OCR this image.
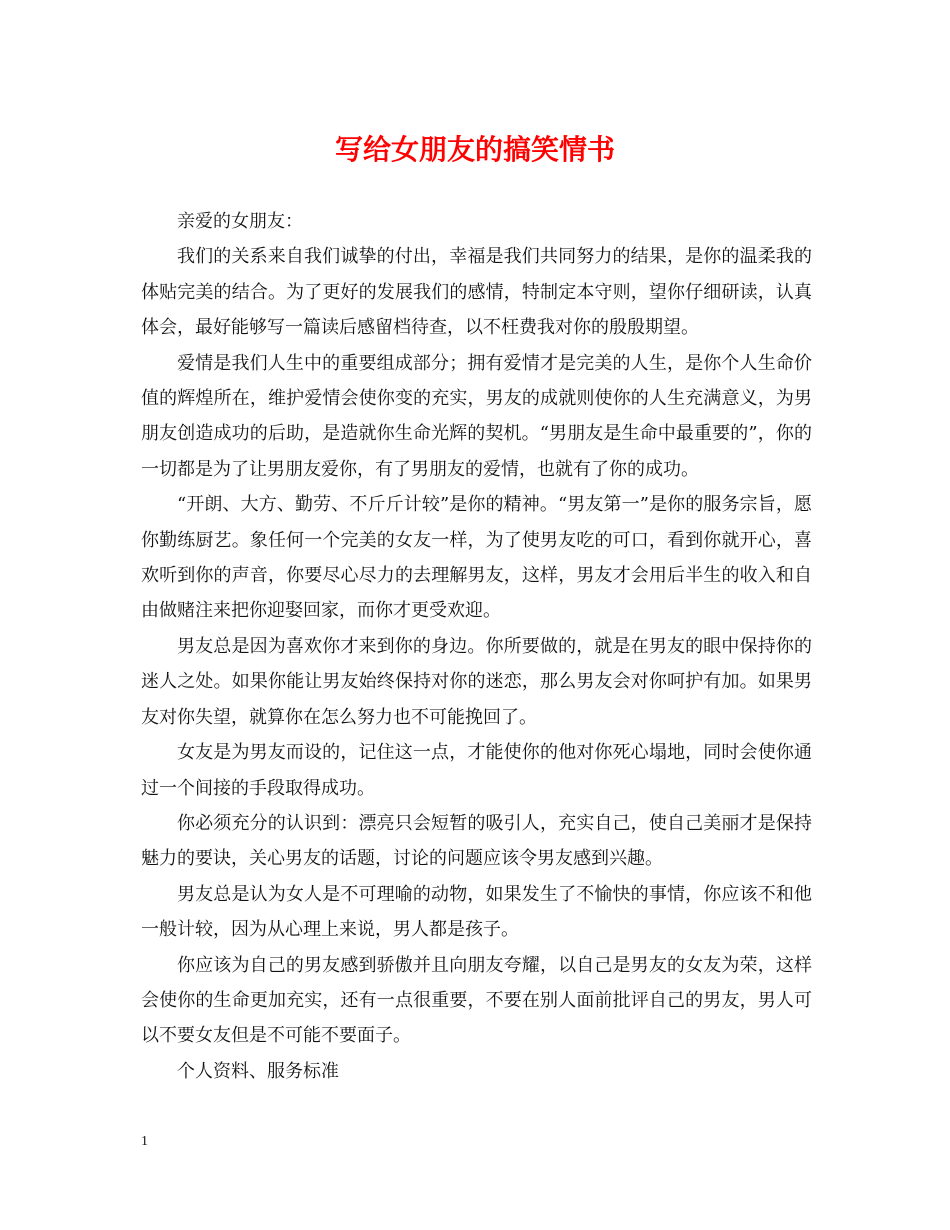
写给女朋友的搞笑情书

亲爱的女朋友：

我们的关系来自我们诚挚的付出，幸福是我们共同努力的结果，是你的温柔我的体贴完美的结合。为了更好的发展我们的感情，特制定本守则，望你仔细研读，认真体会，最好能够写一篇读后感留档待查，以不枉费我对你的殷殷期望。

爱情是我们人生中的重要组成部分；拥有爱情才是完美的人生，是你个人生命价值的辉煌所在，维护爱情会使你变的充实，男友的成就则使你的人生充满意义，为男朋友创造成功的后助，是造就你生命光辉的契机。“男朋友是生命中最重要的”，你的一切都是为了让男朋友爱你，有了男朋友的爱情，也就有了你的成功。

“开朗、大方、勤劳、不斤斤计较”是你的精神。“男友第一”是你的服务宗旨，愿你勤练厨艺。象任何一个完美的女友一样，为了使男友吃的可口，看到你就开心，喜欢听到你的声音，你要尽心尽力的去理解男友，这样，男友才会用后半生的收入和自由做赌注来把你迎娶回家，而你才更受欢迎。

男友总是因为喜欢你才来到你的身边。你所要做的，就是在男友的眼中保持你的迷人之处。如果你能让男友始终保持对你的迷恋，那么男友会对你呵护有加。如果男友对你失望，就算你在怎么努力也不可能挽回了。

女友是为男友而设的，记住这一点，才能使你的他对你死心塌地，同时会使你通过一个间接的手段取得成功。

你必须充分的认识到：漂亮只会短暂的吸引人，充实自己，使自己美丽才是保持魅力的要诀，关心男友的话题，讨论的问题应该令男友感到兴趣。

男友总是认为女人是不可理喻的动物，如果发生了不愉快的事情，你应该不和他一般计较，因为从心理上来说，男人都是孩子。

你应该为自己的男友感到骄傲并且向朋友夸耀，以自己是男友的女友为荣，这样会使你的生命更加充实，还有一点很重要，不要在别人面前批评自己的男友，男人可以不要女友但是不可能不要面子。

个人资料、服务标准

1
